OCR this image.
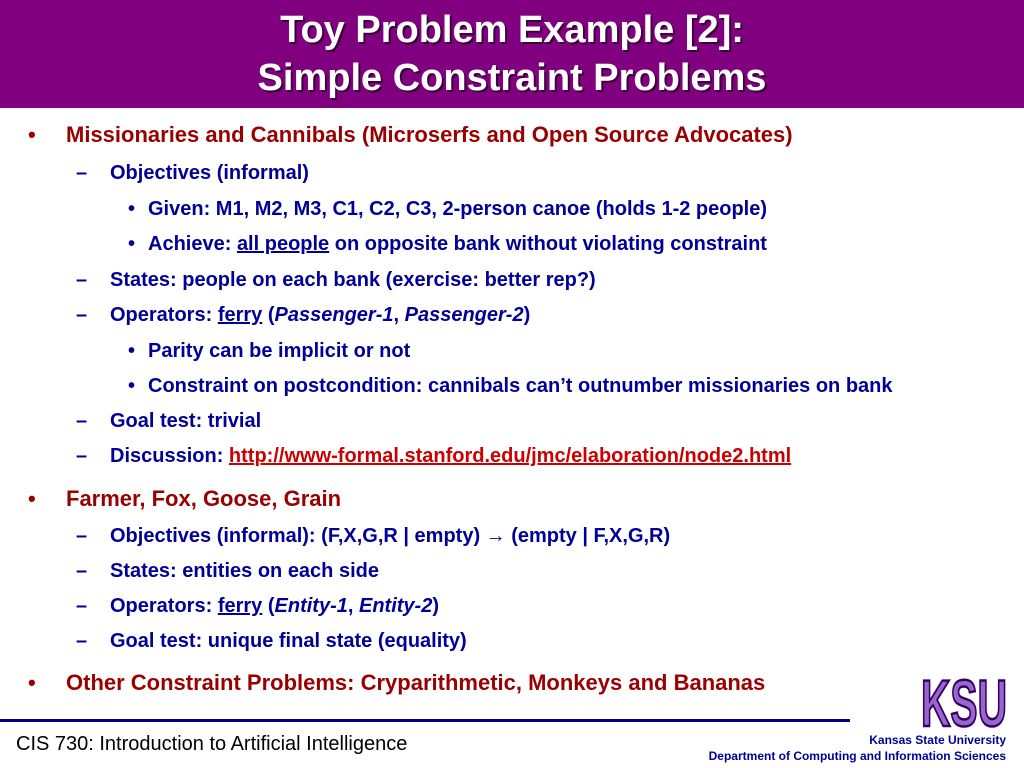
Toy Problem Example [2]:
Simple Constraint Problems
• Missionaries and Cannibals (Microserfs and Open Source Advocates)
– Objectives (informal)
• Given: M1, M2, M3, C1, C2, C3, 2-person canoe (holds 1-2 people)
• Achieve: all people on opposite bank without violating constraint
– States: people on each bank (exercise: better rep?)
– Operators: ferry (Passenger-1, Passenger-2)
• Parity can be implicit or not
• Constraint on postcondition: cannibals can’t outnumber missionaries on bank
– Goal test: trivial
– Discussion: http://www-formal.stanford.edu/jmc/elaboration/node2.html
• Farmer, Fox, Goose, Grain
– Objectives (informal): (F,X,G,R | empty) → (empty | F,X,G,R)
– States: entities on each side
– Operators: ferry (Entity-1, Entity-2)
– Goal test: unique final state (equality)
• Other Constraint Problems: Cryparithmetic, Monkeys and Bananas KSU
CIS 730: Introduction to Artificial Intelligence	Kansas State University
Department of Computing and Information Sciences
